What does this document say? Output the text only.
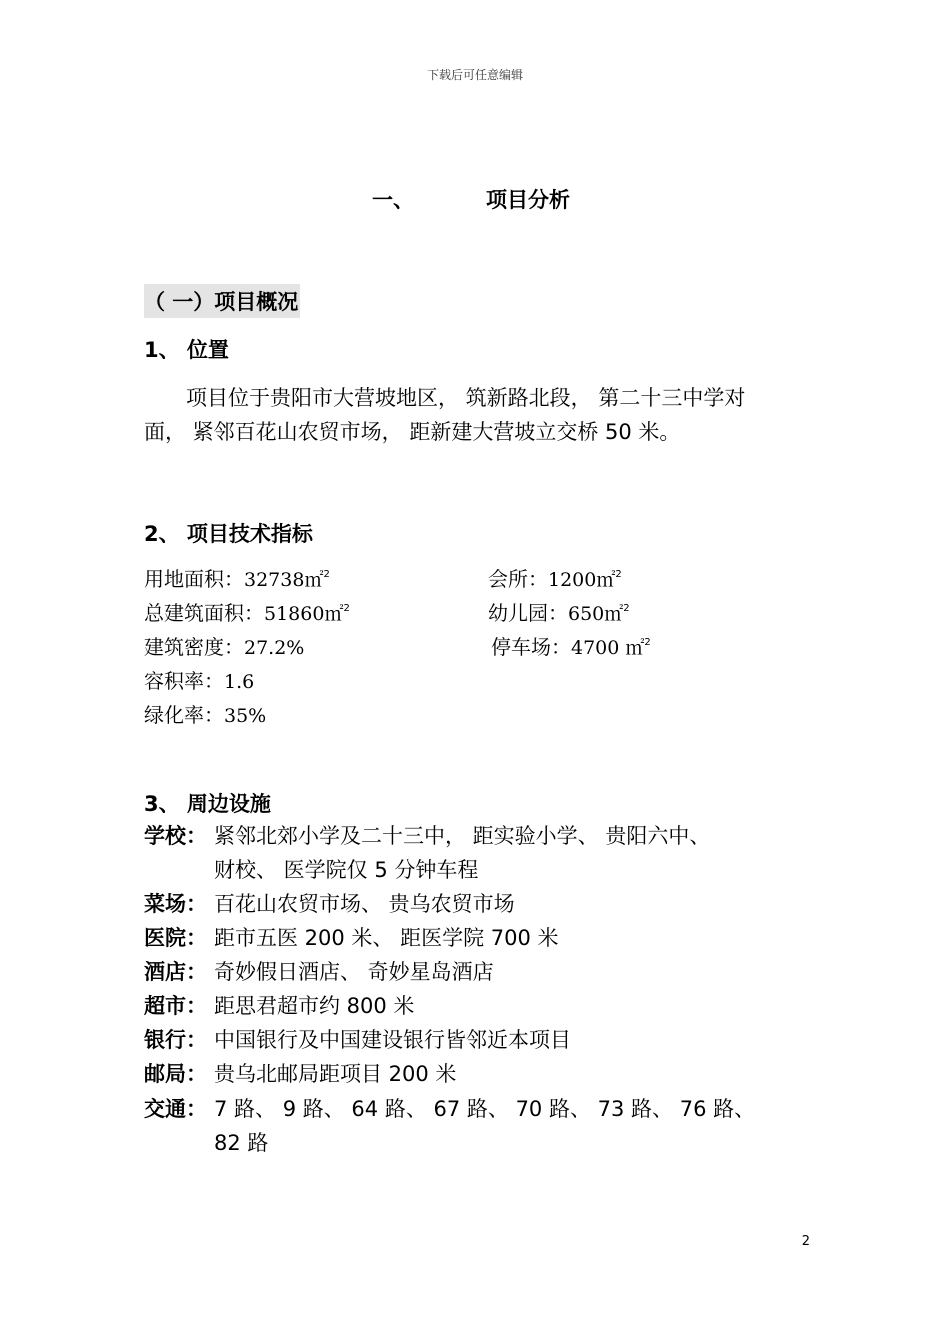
下载后可任意编辑
一、	项目分析
（ 一）项目概况
1、 位置

项目位于贵阳市大营坡地区， 筑新路北段， 第二十三中学对

面， 紧邻百花山农贸市场， 距新建大营坡立交桥 50 米。

2、 项目技术指标
用地面积：32738㎡$^2$
总建筑面积：51860㎡$^2$
建筑密度：27.2%
容积率：1.6
绿化率：35%
会所：1200㎡$^2$
幼儿园：650㎡$^2$
停车场：4700 ㎡$^2$
3、 周边设施
学校： 紧邻北郊小学及二十三中， 距实验小学、 贵阳六中、
财校、 医学院仅 5 分钟车程
菜场： 百花山农贸市场、 贵乌农贸市场
医院： 距市五医 200 米、 距医学院 700 米
酒店： 奇妙假日酒店、 奇妙星岛酒店
超市： 距思君超市约 800 米
银行： 中国银行及中国建设银行皆邻近本项目
邮局： 贵乌北邮局距项目 200 米
交通： 7 路、 9 路、 64 路、 67 路、 70 路、 73 路、 76 路、
82 路
2
